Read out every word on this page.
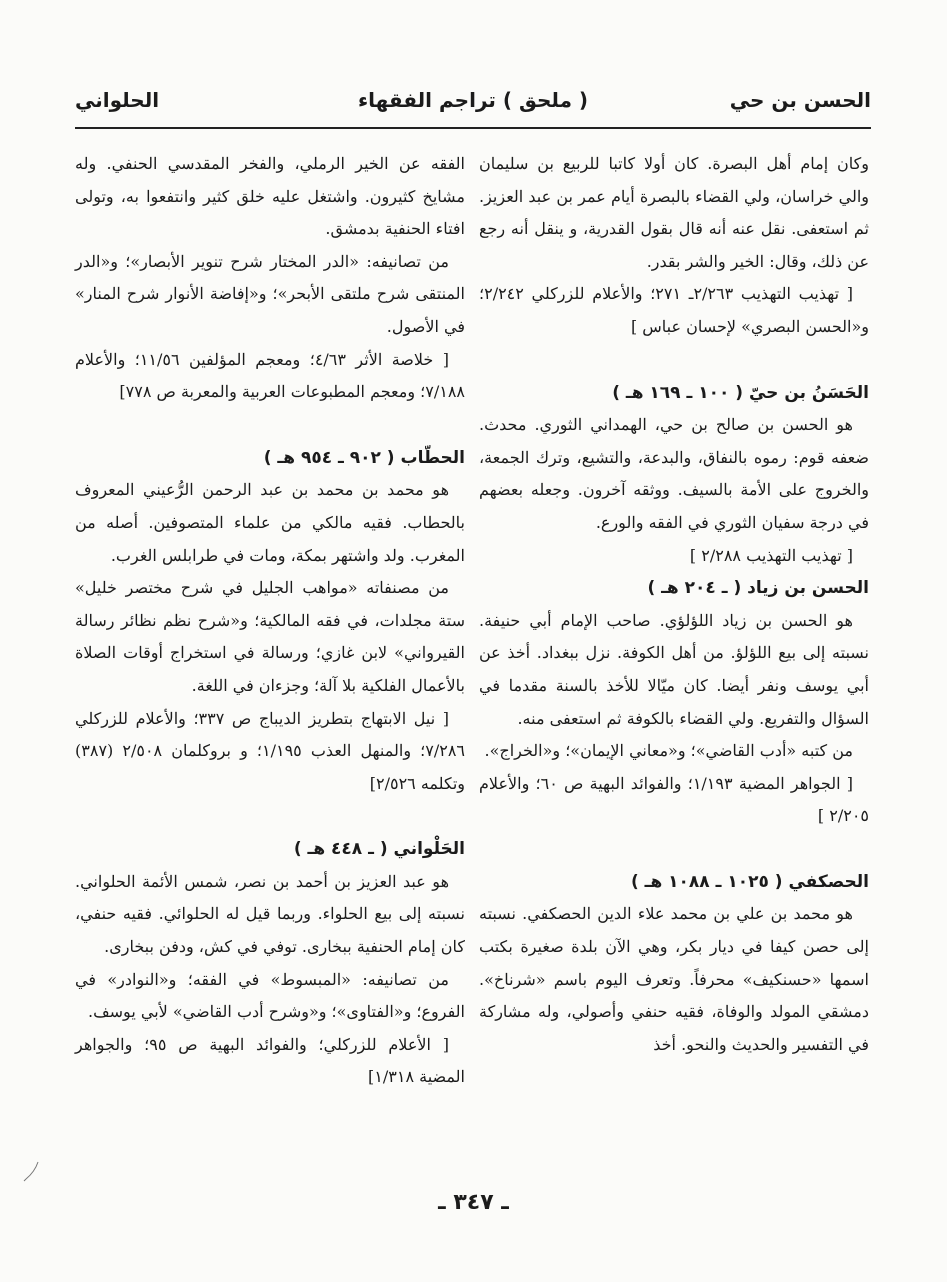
الحسن بن حي
( ملحق ) تراجم الفقهاء
الحلواني

وكان إمام أهل البصرة. كان أولا كاتبا للربيع بن سليمان والي خراسان، ولي القضاء بالبصرة أيام عمر بن عبد العزيز. ثم استعفى. نقل عنه أنه قال بقول القدرية، و ينقل أنه رجع عن ذلك، وقال: الخير والشر بقدر.

[ تهذيب التهذيب ٢/٢٦٣ـ ٢٧١؛ والأعلام للزركلي ٢/٢٤٢؛ و«الحسن البصري» لإحسان عباس ]

الحَسَنُ بن حيّ ( ١٠٠ ـ ١٦٩ هـ )

هو الحسن بن صالح بن حي، الهمداني الثوري. محدث. ضعفه قوم: رموه بالنفاق، والبدعة، والتشيع، وترك الجمعة، والخروج على الأمة بالسيف. ووثقه آخرون. وجعله بعضهم في درجة سفيان الثوري في الفقه والورع.

[ تهذيب التهذيب ٢/٢٨٨ ]

الحسن بن زياد ( ـ ٢٠٤ هـ )

هو الحسن بن زياد اللؤلؤي. صاحب الإمام أبي حنيفة. نسبته إلى بيع اللؤلؤ. من أهل الكوفة. نزل ببغداد. أخذ عن أبي يوسف ونفر أيضا. كان ميّالا للأخذ بالسنة مقدما في السؤال والتفريع. ولي القضاء بالكوفة ثم استعفى منه.

من كتبه «أدب القاضي»؛ و«معاني الإيمان»؛ و«الخراج».

[ الجواهر المضية ١/١٩٣؛ والفوائد البهية ص ٦٠؛ والأعلام ٢/٢٠٥ ]

الحصكفي ( ١٠٢٥ ـ ١٠٨٨ هـ )

هو محمد بن علي بن محمد علاء الدين الحصكفي. نسبته إلى حصن كيفا في ديار بكر، وهي الآن بلدة صغيرة بكتب اسمها «حسنكيف» محرفاً. وتعرف اليوم باسم «شرناخ». دمشقي المولد والوفاة، فقيه حنفي وأصولي، وله مشاركة في التفسير والحديث والنحو. أخذ

الفقه عن الخير الرملي، والفخر المقدسي الحنفي. وله مشايخ كثيرون. واشتغل عليه خلق كثير وانتفعوا به، وتولى افتاء الحنفية بدمشق.

من تصانيفه: «الدر المختار شرح تنوير الأبصار»؛ و«الدر المنتقى شرح ملتقى الأبحر»؛ و«إفاضة الأنوار شرح المنار» في الأصول.

[ خلاصة الأثر ٤/٦٣؛ ومعجم المؤلفين ١١/٥٦؛ والأعلام ٧/١٨٨؛ ومعجم المطبوعات العربية والمعربة ص ٧٧٨]

الحطّاب ( ٩٠٢ ـ ٩٥٤ هـ )

هو محمد بن محمد بن عبد الرحمن الرُّعيني المعروف بالحطاب. فقيه مالكي من علماء المتصوفين. أصله من المغرب. ولد واشتهر بمكة، ومات في طرابلس الغرب.

من مصنفاته «مواهب الجليل في شرح مختصر خليل» ستة مجلدات، في فقه المالكية؛ و«شرح نظم نظائر رسالة القيرواني» لابن غازي؛ ورسالة في استخراج أوقات الصلاة بالأعمال الفلكية بلا آلة؛ وجزءان في اللغة.

[ نيل الابتهاج بتطريز الديباج ص ٣٣٧؛ والأعلام للزركلي ٧/٢٨٦؛ والمنهل العذب ١/١٩٥؛ و بروكلمان ٢/٥٠٨ (٣٨٧) وتكلمه ٢/٥٢٦]

الحَلْواني ( ـ ٤٤٨ هـ )

هو عبد العزيز بن أحمد بن نصر، شمس الأئمة الحلواني. نسبته إلى بيع الحلواء. وربما قيل له الحلوائي. فقيه حنفي، كان إمام الحنفية ببخارى. توفي في كش، ودفن ببخارى.

من تصانيفه: «المبسوط» في الفقه؛ و«النوادر» في الفروع؛ و«الفتاوى»؛ و«وشرح أدب القاضي» لأبي يوسف.

[ الأعلام للزركلي؛ والفوائد البهية ص ٩٥؛ والجواهر المضية ١/٣١٨]

ـ ٣٤٧ ـ
